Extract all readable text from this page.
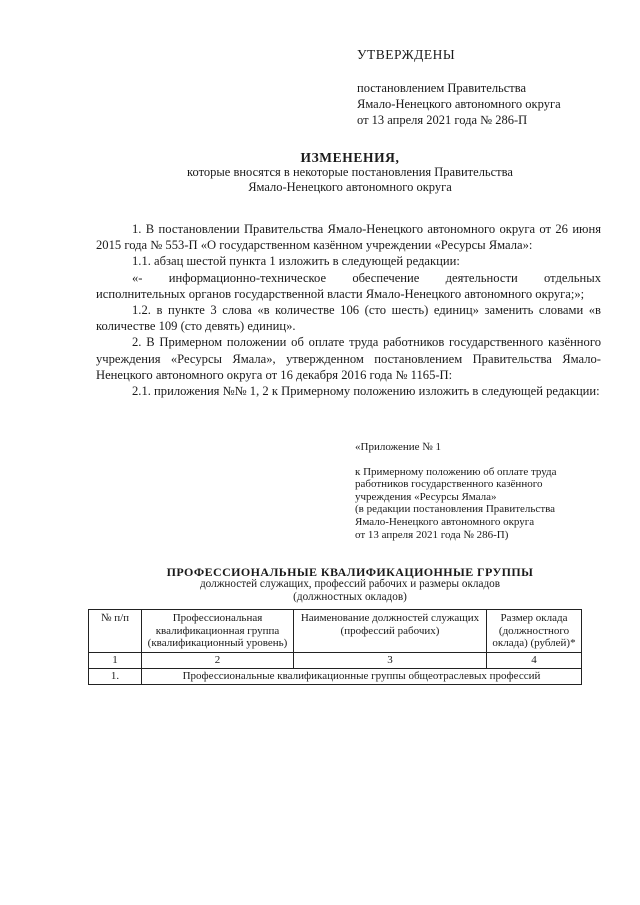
УТВЕРЖДЕНЫ
постановлением Правительства
Ямало-Ненецкого автономного округа
от 13 апреля 2021 года № 286-П
ИЗМЕНЕНИЯ,
которые вносятся в некоторые постановления Правительства
Ямало-Ненецкого автономного округа

1. В постановлении Правительства Ямало-Ненецкого автономного округа от 26 июня 2015 года № 553-П «О государственном казённом учреждении «Ресурсы Ямала»:

1.1. абзац шестой пункта 1 изложить в следующей редакции:

«- информационно-техническое обеспечение деятельности отдельных исполнительных органов государственной власти Ямало-Ненецкого автономного округа;»;

1.2. в пункте 3 слова «в количестве 106 (сто шесть) единиц» заменить словами «в количестве 109 (сто девять) единиц».

2. В Примерном положении об оплате труда работников государственного казённого учреждения «Ресурсы Ямала», утвержденном постановлением Правительства Ямало-Ненецкого автономного округа от 16 декабря 2016 года № 1165-П:

2.1. приложения №№ 1, 2 к Примерному положению изложить в следующей редакции:

«Приложение № 1
к Примерному положению об оплате труда
работников государственного казённого
учреждения «Ресурсы Ямала»
(в редакции постановления Правительства
Ямало-Ненецкого автономного округа
от 13 апреля 2021 года № 286-П)
ПРОФЕССИОНАЛЬНЫЕ КВАЛИФИКАЦИОННЫЕ ГРУППЫ
должностей служащих, профессий рабочих и размеры окладов
(должностных окладов)
№ п/п	Профессиональная квалификационная группа (квалификационный уровень)	Наименование должностей служащих (профессий рабочих)	Размер оклада (должностного оклада) (рублей)*
1	2	3	4
1.	Профессиональные квалификационные группы общеотраслевых профессий		
